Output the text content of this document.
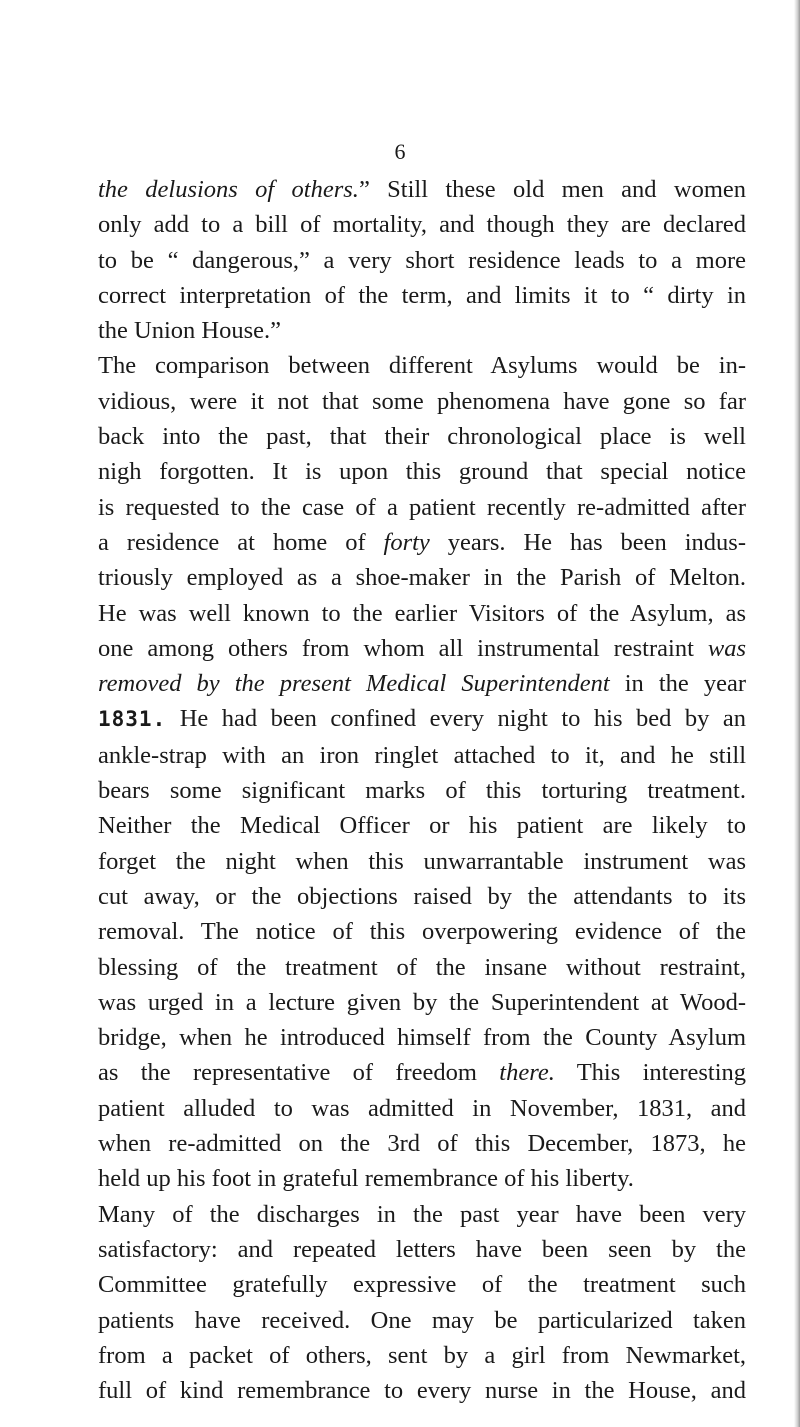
6
the delusions of others.” Still these old men and women
only add to a bill of mortality, and though they are declared
to be “ dangerous,” a very short residence leads to a more
correct interpretation of the term, and limits it to “ dirty in
the Union House.”
The comparison between different Asylums would be in-
vidious, were it not that some phenomena have gone so far
back into the past, that their chronological place is well
nigh forgotten. It is upon this ground that special notice
is requested to the case of a patient recently re-admitted after
a residence at home of forty years. He has been indus-
triously employed as a shoe-maker in the Parish of Melton.
He was well known to the earlier Visitors of the Asylum, as
one among others from whom all instrumental restraint was
removed by the present Medical Superintendent in the year
1831. He had been confined every night to his bed by an
ankle-strap with an iron ringlet attached to it, and he still
bears some significant marks of this torturing treatment.
Neither the Medical Officer or his patient are likely to
forget the night when this unwarrantable instrument was
cut away, or the objections raised by the attendants to its
removal. The notice of this overpowering evidence of the
blessing of the treatment of the insane without restraint,
was urged in a lecture given by the Superintendent at Wood-
bridge, when he introduced himself from the County Asylum
as the representative of freedom there. This interesting
patient alluded to was admitted in November, 1831, and
when re-admitted on the 3rd of this December, 1873, he
held up his foot in grateful remembrance of his liberty.
Many of the discharges in the past year have been very
satisfactory: and repeated letters have been seen by the
Committee gratefully expressive of the treatment such
patients have received. One may be particularized taken
from a packet of others, sent by a girl from Newmarket,
full of kind remembrance to every nurse in the House, and
